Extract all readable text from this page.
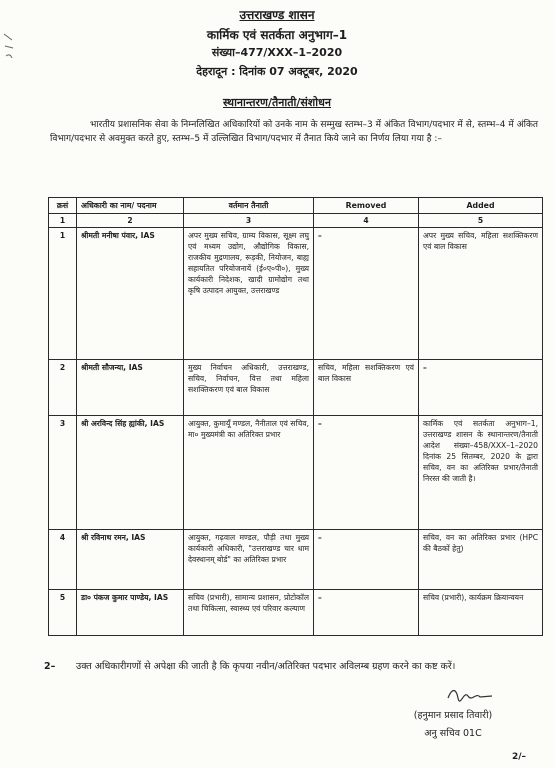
उत्तराखण्ड शासन
कार्मिक एवं सतर्कता अनुभाग–1
संख्या–477/XXX–1–2020
देहरादून : दिनांक 07 अक्टूबर, 2020
स्थानान्तरण/तैनाती/संशोधन
भारतीय प्रशासनिक सेवा के निम्नलिखित अधिकारियों को उनके नाम के सम्मुख स्तम्भ–3 में अंकित विभाग/पदभार में से, स्तम्भ–4 में अंकित विभाग/पदभार से अवमुक्त करते हुए, स्तम्भ–5 में उल्लिखित विभाग/पदभार में तैनात किये जाने का निर्णय लिया गया है :–
क्रसं	अधिकारी का नाम/ पदनाम	वर्तमान तैनाती	Removed	Added
1	2	3	4	5
1	श्रीमती मनीषा पंवार, IAS	अपर मुख्य सचिव, ग्राम्य विकास, सूक्ष्म लघु एवं मध्यम उद्योग, औद्योगिक विकास, राजकीय मुद्रणालय, रूड़की, नियोजन, बाह्य सहायतित परियोजनायें (ई०ए०पी०), मुख्य कार्यकारी निदेशक, खादी ग्रामोद्योग तथा कृषि उत्पादन आयुक्त, उत्तराखण्ड	–	अपर मुख्य सचिव, महिला सशक्तिकरण एवं बाल विकास
2	श्रीमती सौजन्या, IAS	मुख्य निर्वाचन अधिकारी, उत्तराखण्ड, सचिव, निर्वाचन, वित्त तथा महिला सशक्तिकरण एवं बाल विकास	सचिव, महिला सशक्तिकरण एवं बाल विकास	–
3	श्री अरविन्द सिंह ह्यांकी, IAS	आयुक्त, कुमायूँ मण्डल, नैनीताल एवं सचिव, मा० मुख्यमंत्री का अतिरिक्त प्रभार	–	कार्मिक एवं सतर्कता अनुभाग–1, उत्तराखण्ड शासन के स्थानान्तरण/तैनाती आदेश संख्या–458/XXX–1–2020 दिनांक 25 सितम्बर, 2020 के द्वारा सचिव, वन का अतिरिक्त प्रभार/तैनाती निरस्त की जाती है।
4	श्री रविनाथ रमन, IAS	आयुक्त, गढ़वाल मण्डल, पौड़ी तथा मुख्य कार्यकारी अधिकारी, "उत्तराखण्ड चार धाम देवस्थानम् बोर्ड" का अतिरिक्त प्रभार	–	सचिव, वन का अतिरिक्त प्रभार (HPC की बैठकों हेतु)
5	डा० पंकज कुमार पाण्डेय, IAS	सचिव (प्रभारी), सामान्य प्रशासन, प्रोटोकॉल तथा चिकित्सा, स्वास्थ्य एवं परिवार कल्याण	–	सचिव (प्रभारी), कार्यक्रम क्रियान्वयन
2– उक्त अधिकारीगणों से अपेक्षा की जाती है कि कृपया नवीन/अतिरिक्त पदभार अविलम्ब ग्रहण करने का कष्ट करें।
(हनुमान प्रसाद तिवारी)
अनु सचिव 01C
2/–
